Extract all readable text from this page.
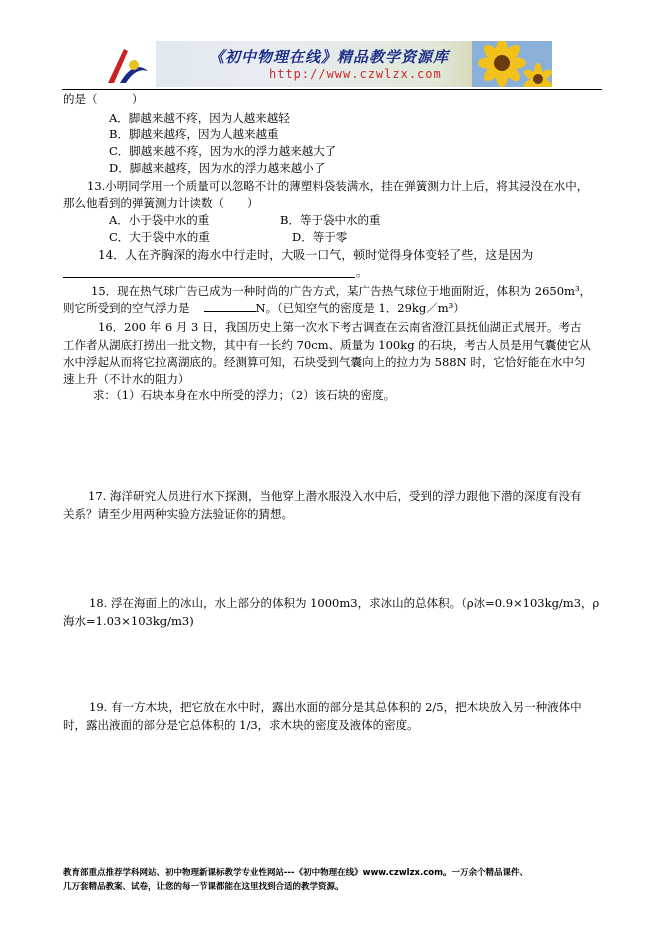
《初中物理在线》精品教学资源库
http://www.czwlzx.com
的是（　　　）
A．脚越来越不疼，因为人越来越轻
B．脚越来越疼，因为人越来越重
C．脚越来越不疼，因为水的浮力越来越大了
D．脚越来越疼，因为水的浮力越来越小了
13.小明同学用一个质量可以忽略不计的薄塑料袋装满水，挂在弹簧测力计上后，将其浸没在水中，
那么他看到的弹簧测力计读数（　　）
A．小于袋中水的重	B．等于袋中水的重
C．大于袋中水的重	D．等于零
14．人在齐胸深的海水中行走时，大吸一口气，顿时觉得身体变轻了些，这是因为
。
15．现在热气球广告已成为一种时尚的广告方式，某广告热气球位于地面附近，体积为 2650m³，
则它所受到的空气浮力是	N。（已知空气的密度是 1．29kg／m³）
16．200 年 6 月 3 日，我国历史上第一次水下考古调查在云南省澄江县抚仙湖正式展开。考古
工作者从湖底打捞出一批文物，其中有一长约 70cm、质量为 100kg 的石块，考古人员是用气囊使它从
水中浮起从而将它拉离湖底的。经测算可知，石块受到气囊向上的拉力为 588N 时，它恰好能在水中匀
速上升（不计水的阻力）
求：（1）石块本身在水中所受的浮力；（2）该石块的密度。
17. 海洋研究人员进行水下探测，当他穿上潜水服没入水中后，受到的浮力跟他下潜的深度有没有
关系？请至少用两种实验方法验证你的猜想。
18. 浮在海面上的冰山，水上部分的体积为 1000m3，求冰山的总体积。（ρ冰=0.9×103kg/m3，ρ
海水=1.03×103kg/m3)
19. 有一方木块，把它放在水中时，露出水面的部分是其总体积的 2/5，把木块放入另一种液体中
时，露出液面的部分是它总体积的 1/3，求木块的密度及液体的密度。
教育部重点推荐学科网站、初中物理新课标教学专业性网站---《初中物理在线》www.czwlzx.com。一万余个精品课件、
几万套精品教案、试卷，让您的每一节课都能在这里找到合适的教学资源。
